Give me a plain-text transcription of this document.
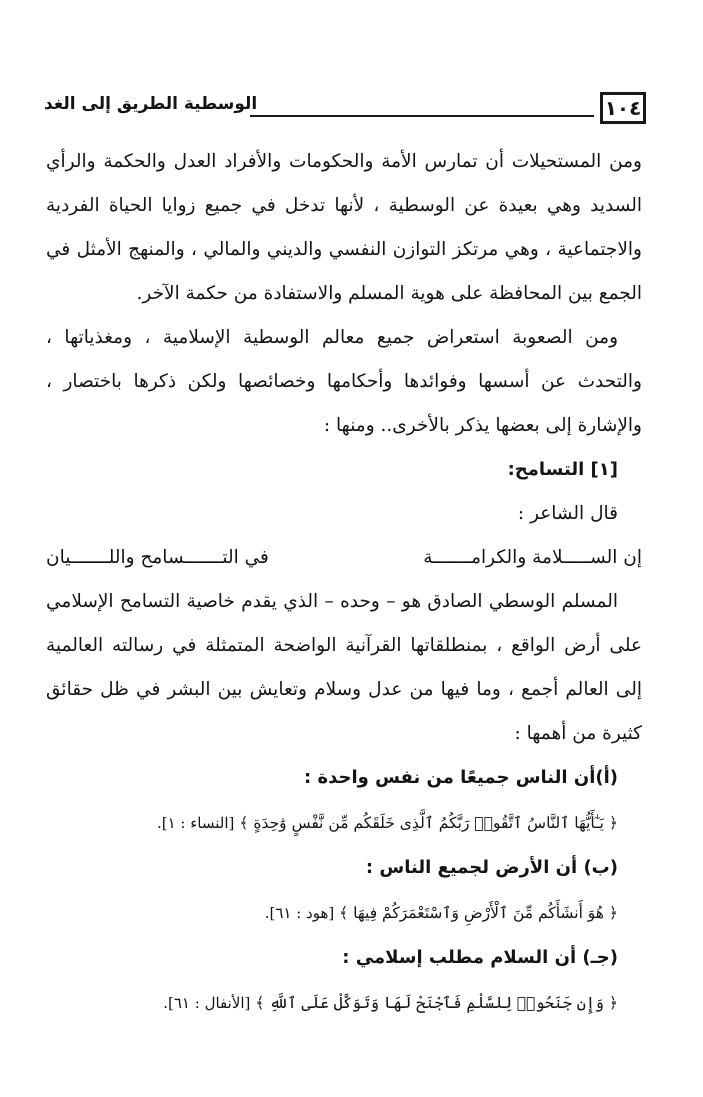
١٠٤
الوسطية الطريق إلى الغد

ومن المستحيلات أن تمارس الأمة والحكومات والأفراد العدل والحكمة والرأي السديد وهي بعيدة عن الوسطية ، لأنها تدخل في جميع زوايا الحياة الفردية والاجتماعية ، وهي مرتكز التوازن النفسي والديني والمالي ، والمنهج الأمثل في الجمع بين المحافظة على هوية المسلم والاستفادة من حكمة الآخر.

ومن الصعوبة استعراض جميع معالم الوسطية الإسلامية ، ومغذياتها ، والتحدث عن أسسها وفوائدها وأحكامها وخصائصها ولكن ذكرها باختصار ، والإشارة إلى بعضها يذكر بالأخرى.. ومنها :

[١] التسامح:

قال الشاعر :

إن الســـــلامة والكرامـــــــة
في التـــــــسامح واللـــــــيان

المسلم الوسطي الصادق هو – وحده – الذي يقدم خاصية التسامح الإسلامي على أرض الواقع ، بمنطلقاتها القرآنية الواضحة المتمثلة في رسالته العالمية إلى العالم أجمع ، وما فيها من عدل وسلام وتعايش بين البشر في ظل حقائق كثيرة من أهمها :

(أ)أن الناس جميعًا من نفس واحدة :

﴿ يَـٰٓأَيُّهَا ٱلنَّاسُ ٱتَّقُوا۟ رَبَّكُمُ ٱلَّذِى خَلَقَكُم مِّن نَّفْسٍ وَٰحِدَةٍ ﴾ [النساء : ١].

(ب) أن الأرض لجميع الناس :

﴿ هُوَ أَنشَأَكُم مِّنَ ٱلْأَرْضِ وَٱسْتَعْمَرَكُمْ فِيهَا ﴾ [هود : ٦١].

(جـ) أن السلام مطلب إسلامي :

﴿ وَإِن جَنَحُوا۟ لِلسَّلْمِ فَٱجْنَحْ لَهَا وَتَوَكَّلْ عَلَى ٱللَّهِ ﴾ [الأنفال : ٦١].
